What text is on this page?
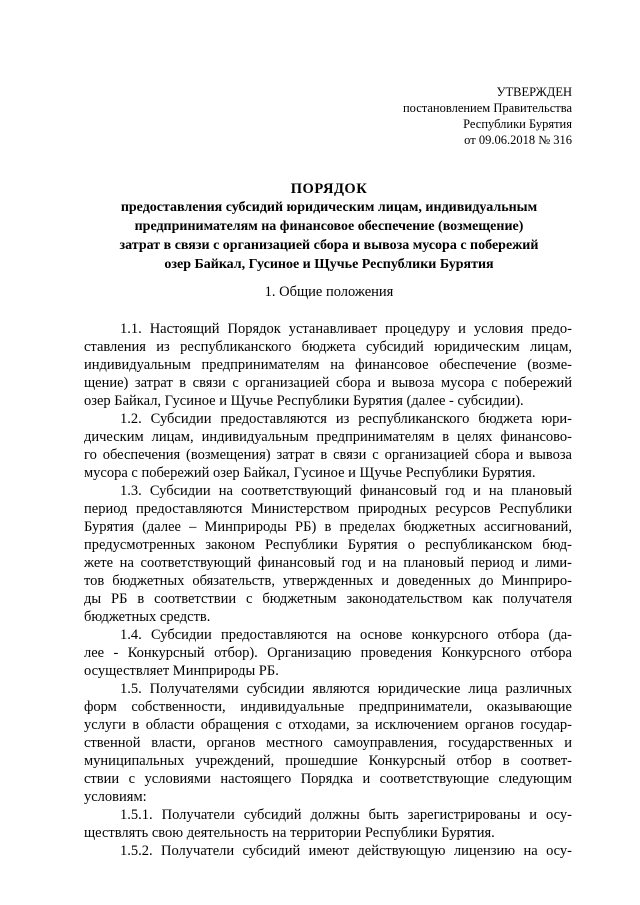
УТВЕРЖДЕН
постановлением Правительства
Республики Бурятия
от 09.06.2018 № 316
ПОРЯДОК
предоставления субсидий юридическим лицам, индивидуальным
предпринимателям на финансовое обеспечение (возмещение)
затрат в связи с организацией сбора и вывоза мусора с побережий
озер Байкал, Гусиное и Щучье Республики Бурятия
1. Общие положения
1.1. Настоящий Порядок устанавливает процедуру и условия предо-
ставления из республиканского бюджета субсидий юридическим лицам,
индивидуальным предпринимателям на финансовое обеспечение (возме-
щение) затрат в связи с организацией сбора и вывоза мусора с побережий
озер Байкал, Гусиное и Щучье Республики Бурятия (далее - субсидии).
1.2. Субсидии предоставляются из республиканского бюджета юри-
дическим лицам, индивидуальным предпринимателям в целях финансово-
го обеспечения (возмещения) затрат в связи с организацией сбора и вывоза
мусора с побережий озер Байкал, Гусиное и Щучье Республики Бурятия.
1.3. Субсидии на соответствующий финансовый год и на плановый
период предоставляются Министерством природных ресурсов Республики
Бурятия (далее – Минприроды РБ) в пределах бюджетных ассигнований,
предусмотренных законом Республики Бурятия о республиканском бюд-
жете на соответствующий финансовый год и на плановый период и лими-
тов бюджетных обязательств, утвержденных и доведенных до Минприро-
ды РБ в соответствии с бюджетным законодательством как получателя
бюджетных средств.
1.4. Субсидии предоставляются на основе конкурсного отбора (да-
лее - Конкурсный отбор). Организацию проведения Конкурсного отбора
осуществляет Минприроды РБ.
1.5. Получателями субсидии являются юридические лица различных
форм собственности, индивидуальные предприниматели, оказывающие
услуги в области обращения с отходами, за исключением органов государ-
ственной власти, органов местного самоуправления, государственных и
муниципальных учреждений, прошедшие Конкурсный отбор в соответ-
ствии с условиями настоящего Порядка и соответствующие следующим
условиям:
1.5.1. Получатели субсидий должны быть зарегистрированы и осу-
ществлять свою деятельность на территории Республики Бурятия.
1.5.2. Получатели субсидий имеют действующую лицензию на осу-
